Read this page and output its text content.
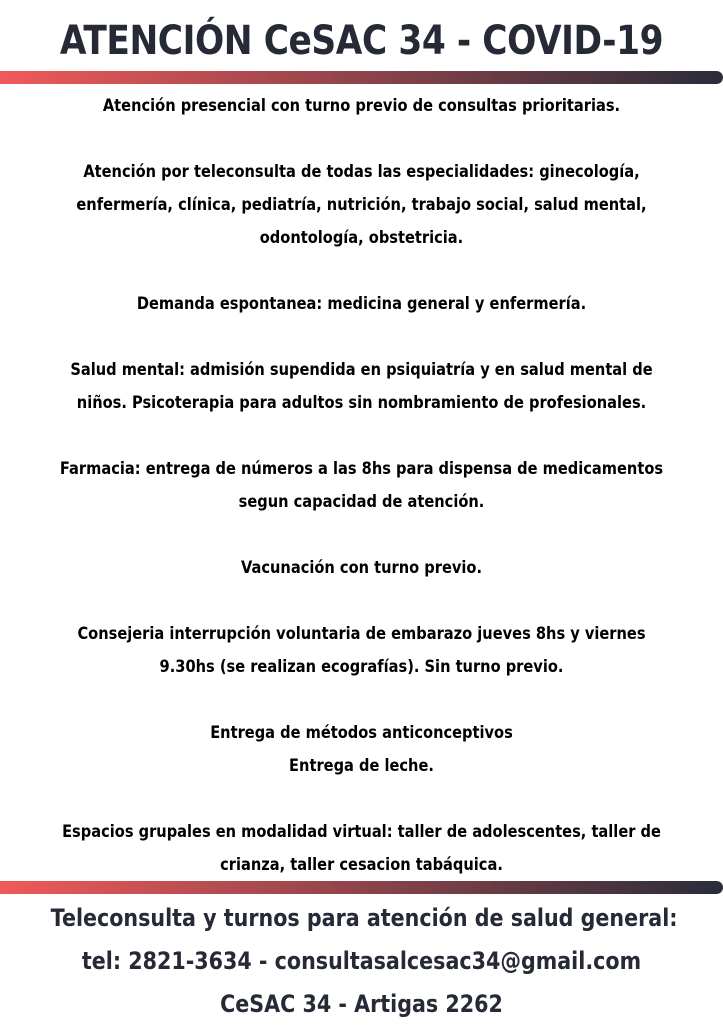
ATENCIÓN CeSAC 34 - COVID-19
Atención presencial con turno previo de consultas prioritarias.
Atención por teleconsulta de todas las especialidades: ginecología,
enfermería, clínica, pediatría, nutrición, trabajo social, salud mental,
odontología, obstetricia.
Demanda espontanea: medicina general y enfermería.
Salud mental: admisión supendida en psiquiatría y en salud mental de
niños. Psicoterapia para adultos sin nombramiento de profesionales.
Farmacia: entrega de números a las 8hs para dispensa de medicamentos
segun capacidad de atención.
Vacunación con turno previo.
Consejeria interrupción voluntaria de embarazo jueves 8hs y viernes
9.30hs (se realizan ecografías). Sin turno previo.
Entrega de métodos anticonceptivos
Entrega de leche.
Espacios grupales en modalidad virtual: taller de adolescentes, taller de
crianza, taller cesacion tabáquica.
Teleconsulta y turnos para atención de salud general:
tel: 2821-3634 - consultasalcesac34@gmail.com
CeSAC 34 - Artigas 2262
